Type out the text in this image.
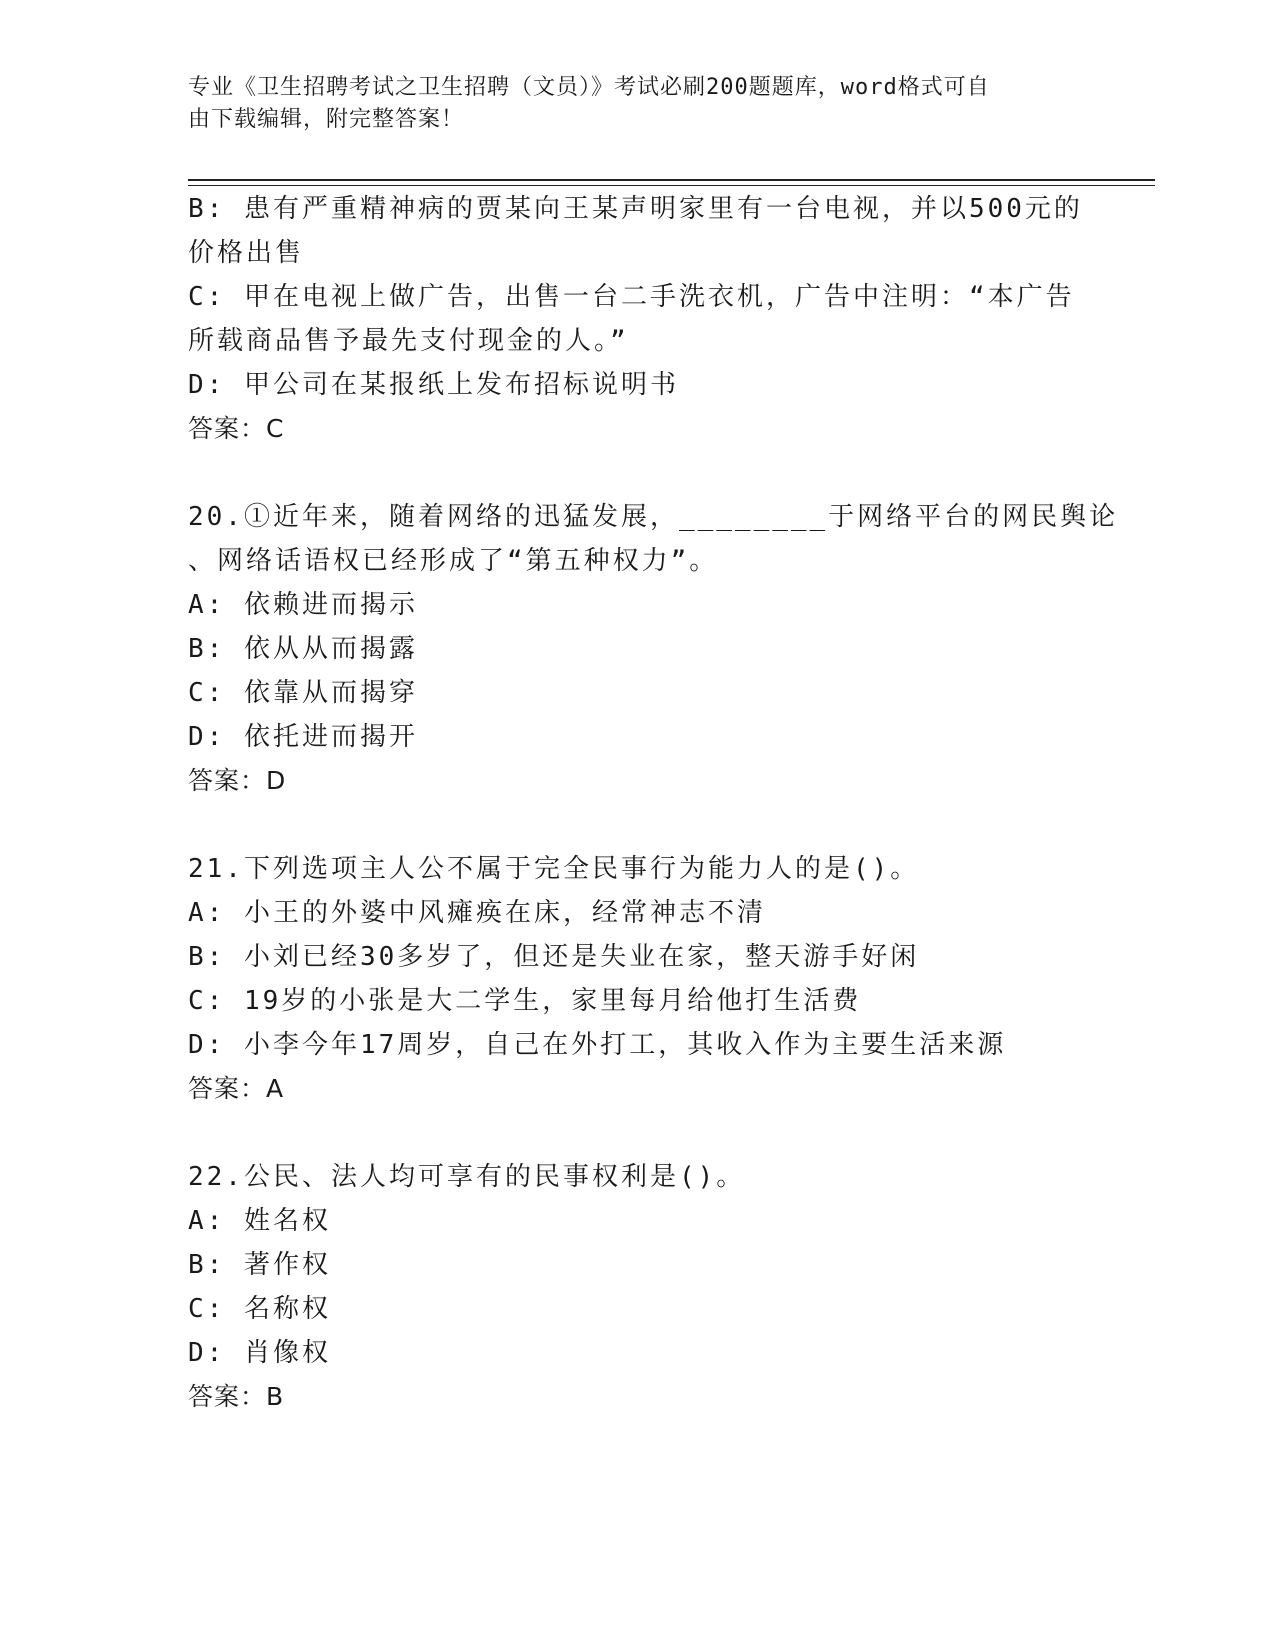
专业《卫生招聘考试之卫生招聘（文员）》考试必刷200题题库，word格式可自
由下载编辑，附完整答案！
B: 患有严重精神病的贾某向王某声明家里有一台电视，并以500元的
价格出售
C: 甲在电视上做广告，出售一台二手洗衣机，广告中注明：“本广告
所载商品售予最先支付现金的人。”
D: 甲公司在某报纸上发布招标说明书
答案：C
20.①近年来，随着网络的迅猛发展，________于网络平台的网民舆论
、网络话语权已经形成了“第五种权力”。
A: 依赖进而揭示
B: 依从从而揭露
C: 依靠从而揭穿
D: 依托进而揭开
答案：D
21.下列选项主人公不属于完全民事行为能力人的是()。
A: 小王的外婆中风瘫痪在床，经常神志不清
B: 小刘已经30多岁了，但还是失业在家，整天游手好闲
C: 19岁的小张是大二学生，家里每月给他打生活费
D: 小李今年17周岁，自己在外打工，其收入作为主要生活来源
答案：A
22.公民、法人均可享有的民事权利是()。
A: 姓名权
B: 著作权
C: 名称权
D: 肖像权
答案：B
